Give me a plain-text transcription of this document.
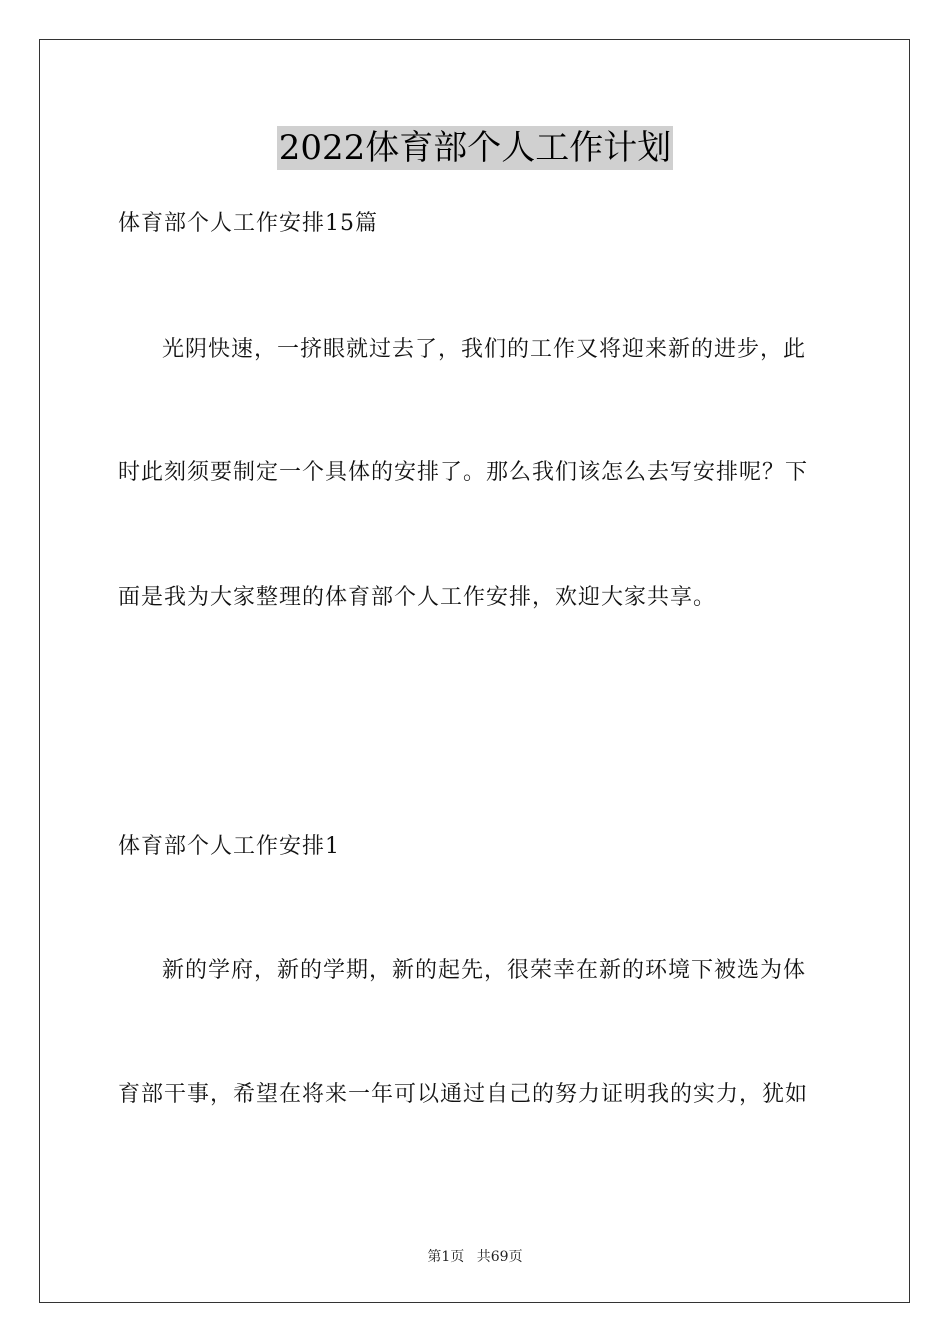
2022体育部个人工作计划
体育部个人工作安排15篇
光阴快速，一挤眼就过去了，我们的工作又将迎来新的进步，此
时此刻须要制定一个具体的安排了。那么我们该怎么去写安排呢？下
面是我为大家整理的体育部个人工作安排，欢迎大家共享。
体育部个人工作安排1
新的学府，新的学期，新的起先，很荣幸在新的环境下被选为体
育部干事，希望在将来一年可以通过自己的努力证明我的实力，犹如
第1页 共69页
